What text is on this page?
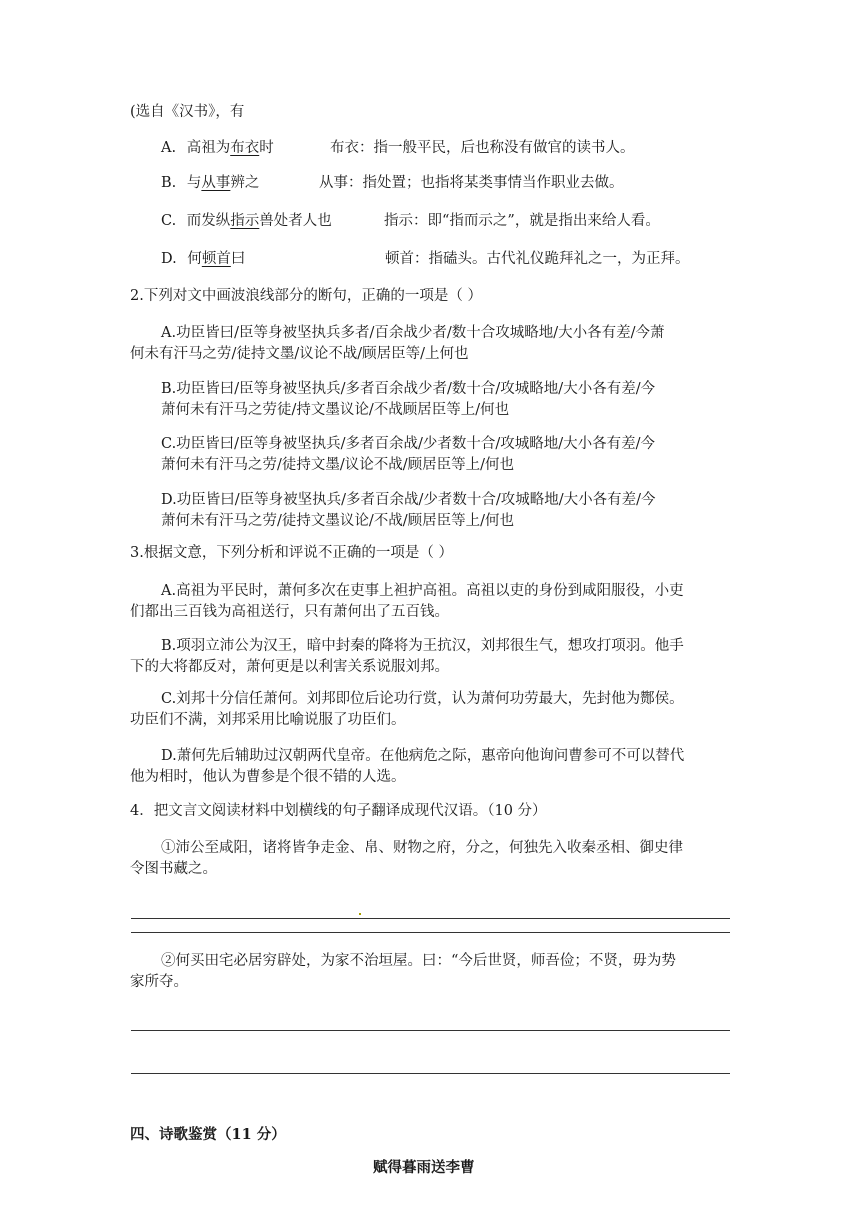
(选自《汉书》，有
A. 高祖为布衣时	布衣：指一般平民，后也称没有做官的读书人。
B. 与从事辨之	从事：指处置；也指将某类事情当作职业去做。
C. 而发纵指示兽处者人也	指示：即“指而示之”，就是指出来给人看。
D. 何顿首曰	顿首：指磕头。古代礼仪跪拜礼之一，为正拜。
2.下列对文中画波浪线部分的断句，正确的一项是（ ）
A.功臣皆曰/臣等身被坚执兵多者/百余战少者/数十合攻城略地/大小各有差/今萧
何未有汗马之劳/徒持文墨/议论不战/顾居臣等/上何也
B.功臣皆曰/臣等身被坚执兵/多者百余战少者/数十合/攻城略地/大小各有差/今
萧何未有汗马之劳徒/持文墨议论/不战顾居臣等上/何也
C.功臣皆曰/臣等身被坚执兵/多者百余战/少者数十合/攻城略地/大小各有差/今
萧何未有汗马之劳/徒持文墨/议论不战/顾居臣等上/何也
D.功臣皆曰/臣等身被坚执兵/多者百余战/少者数十合/攻城略地/大小各有差/今
萧何未有汗马之劳/徒持文墨议论/不战/顾居臣等上/何也
3.根据文意，下列分析和评说不正确的一项是（ ）
A.高祖为平民时，萧何多次在吏事上袒护高祖。高祖以吏的身份到咸阳服役，小吏
们都出三百钱为高祖送行，只有萧何出了五百钱。
B.项羽立沛公为汉王，暗中封秦的降将为王抗汉，刘邦很生气，想攻打项羽。他手
下的大将都反对，萧何更是以利害关系说服刘邦。
C.刘邦十分信任萧何。刘邦即位后论功行赏，认为萧何功劳最大，先封他为酂侯。
功臣们不满，刘邦采用比喻说服了功臣们。
D.萧何先后辅助过汉朝两代皇帝。在他病危之际，惠帝向他询问曹参可不可以替代
他为相时，他认为曹参是个很不错的人选。
4．把文言文阅读材料中划横线的句子翻译成现代汉语。（10 分）
①沛公至咸阳，诸将皆争走金、帛、财物之府，分之，何独先入收秦丞相、御史律
令图书藏之。
②何买田宅必居穷辟处，为家不治垣屋。曰：“今后世贤，师吾俭；不贤，毋为势
家所夺。
四、诗歌鉴赏（11 分）
赋得暮雨送李曹
